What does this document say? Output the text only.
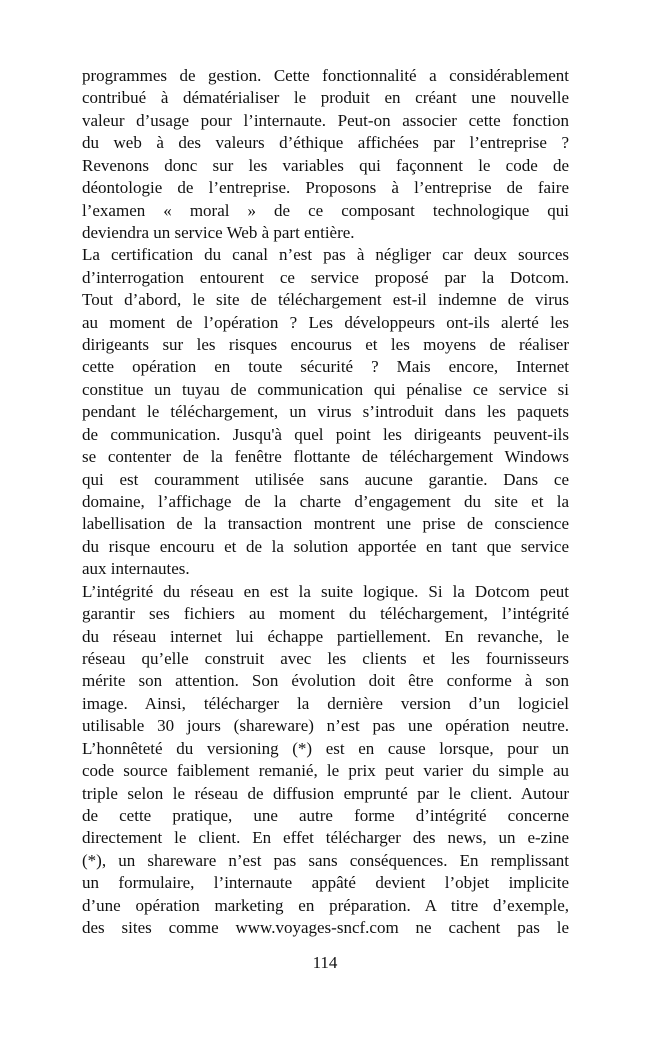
programmes de gestion. Cette fonctionnalité a considérablement
contribué à dématérialiser le produit en créant une nouvelle
valeur d’usage pour l’internaute. Peut-on associer cette fonction
du web à des valeurs d’éthique affichées par l’entreprise ?
Revenons donc sur les variables qui façonnent le code de
déontologie de l’entreprise. Proposons à l’entreprise de faire
l’examen « moral » de ce composant technologique qui
deviendra un service Web à part entière.
La certification du canal n’est pas à négliger car deux sources
d’interrogation entourent ce service proposé par la Dotcom.
Tout d’abord, le site de téléchargement est-il indemne de virus
au moment de l’opération ? Les développeurs ont-ils alerté les
dirigeants sur les risques encourus et les moyens de réaliser
cette opération en toute sécurité ? Mais encore, Internet
constitue un tuyau de communication qui pénalise ce service si
pendant le téléchargement, un virus s’introduit dans les paquets
de communication. Jusqu'à quel point les dirigeants peuvent-ils
se contenter de la fenêtre flottante de téléchargement Windows
qui est couramment utilisée sans aucune garantie. Dans ce
domaine, l’affichage de la charte d’engagement du site et la
labellisation de la transaction montrent une prise de conscience
du risque encouru et de la solution apportée en tant que service
aux internautes.
L’intégrité du réseau en est la suite logique. Si la Dotcom peut
garantir ses fichiers au moment du téléchargement, l’intégrité
du réseau internet lui échappe partiellement. En revanche, le
réseau qu’elle construit avec les clients et les fournisseurs
mérite son attention. Son évolution doit être conforme à son
image. Ainsi, télécharger la dernière version d’un logiciel
utilisable 30 jours (shareware) n’est pas une opération neutre.
L’honnêteté du versioning (*) est en cause lorsque, pour un
code source faiblement remanié, le prix peut varier du simple au
triple selon le réseau de diffusion emprunté par le client. Autour
de cette pratique, une autre forme d’intégrité concerne
directement le client. En effet télécharger des news, un e-zine
(*), un shareware n’est pas sans conséquences. En remplissant
un formulaire, l’internaute appâté devient l’objet implicite
d’une opération marketing en préparation. A titre d’exemple,
des sites comme www.voyages-sncf.com ne cachent pas le
114
